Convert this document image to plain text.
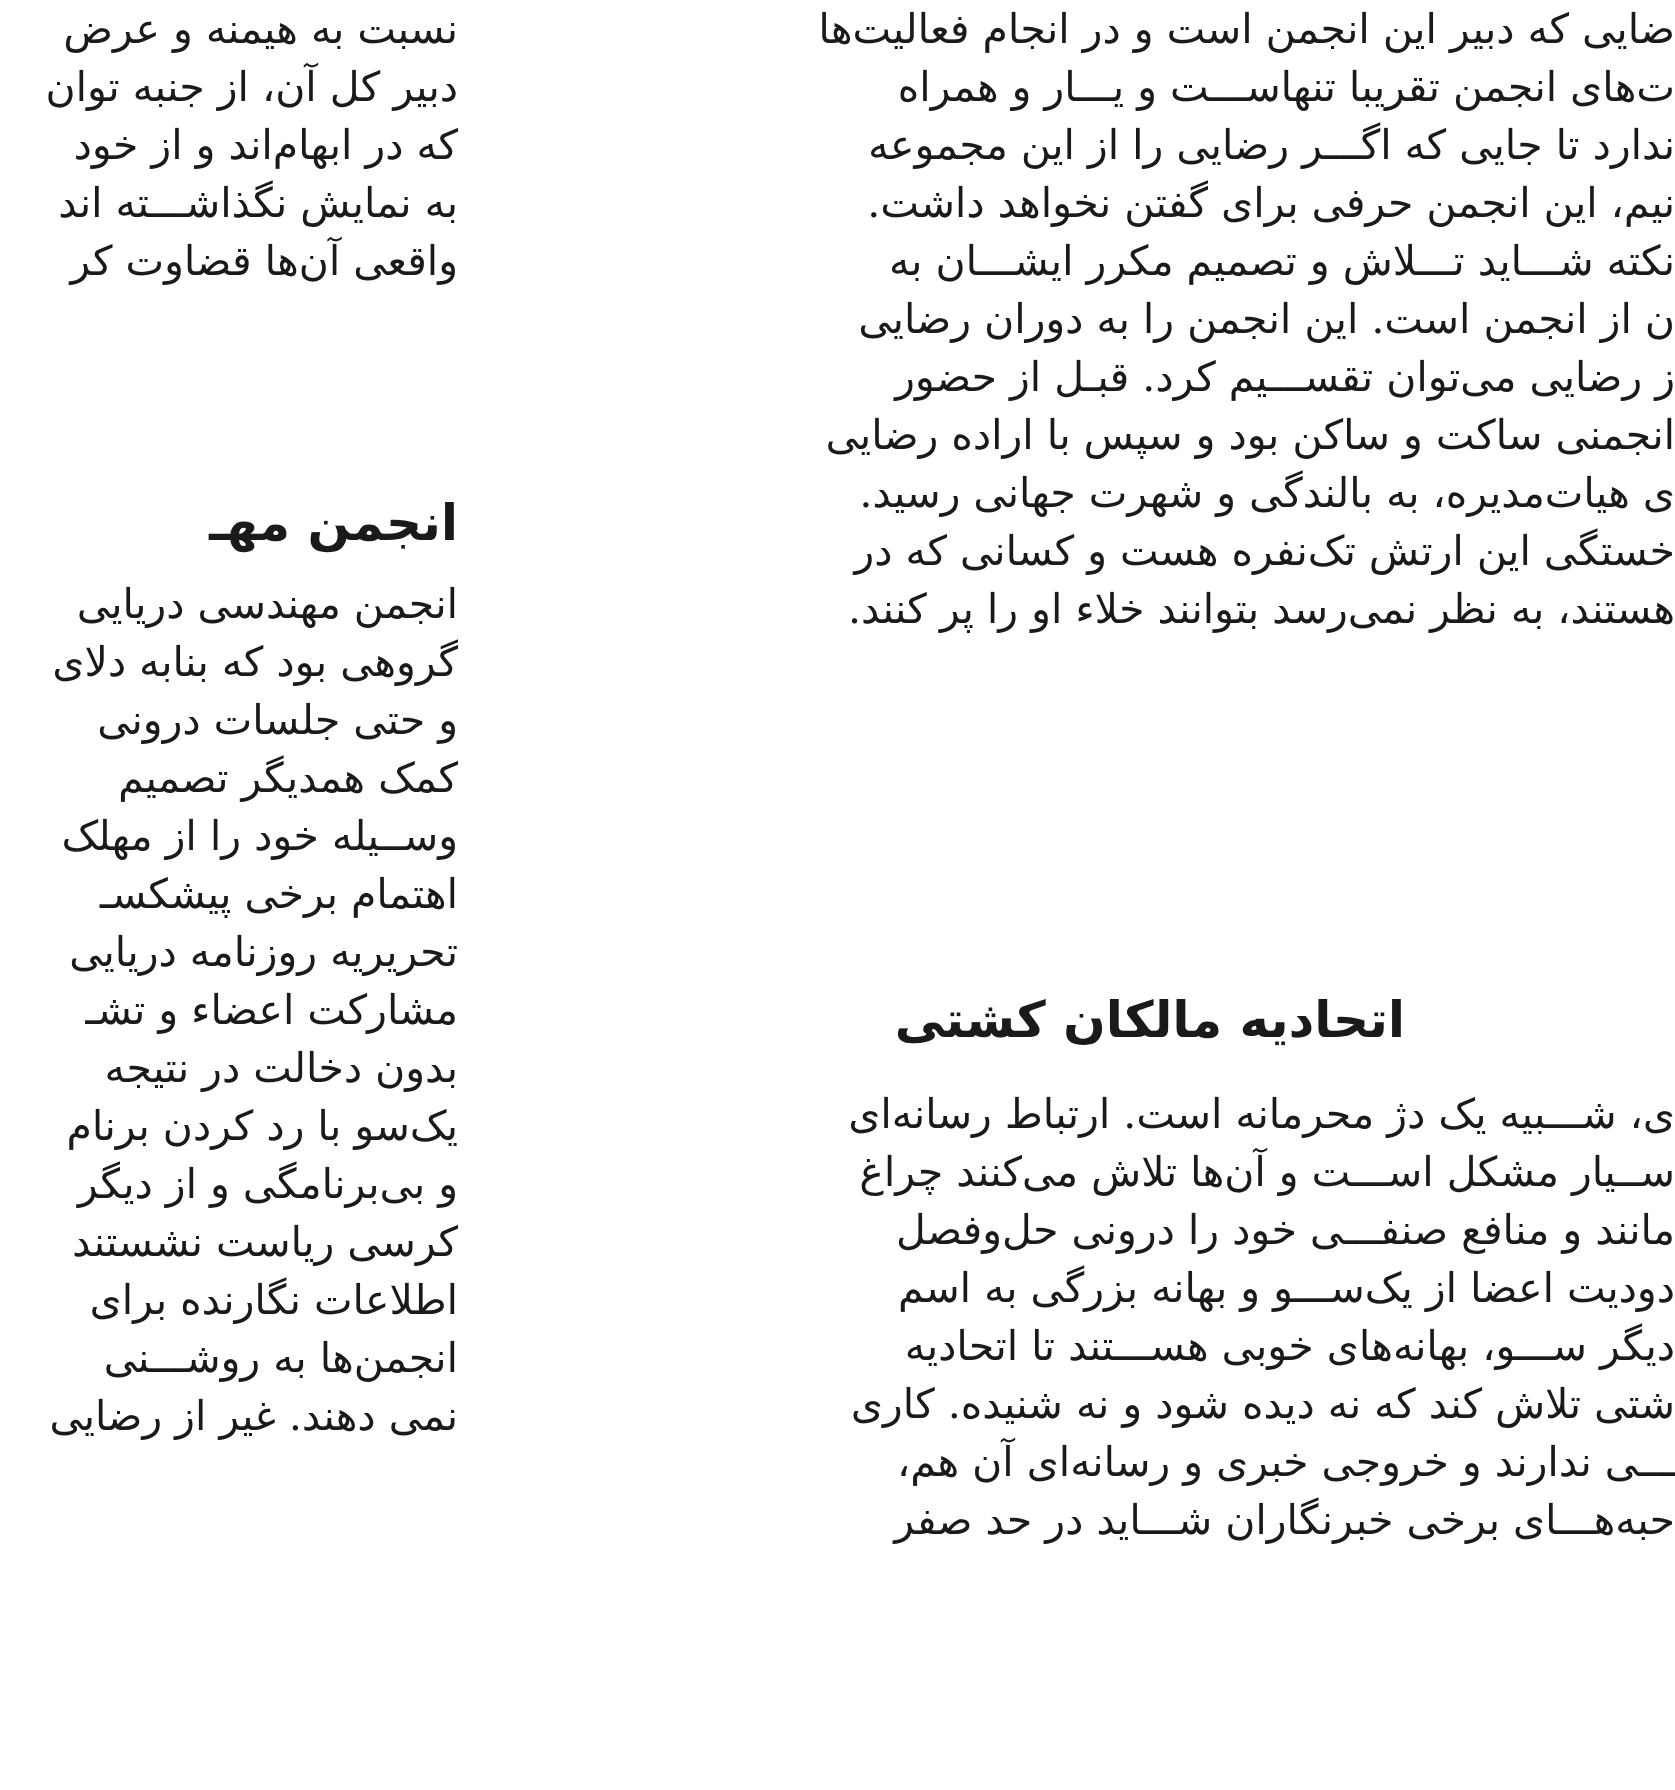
ضایی که دبیر این انجمن است و در انجام فعالیت‌ها
ت‌های انجمن تقریبا تنهاســـت و یـــار و همراه
ندارد تا جایی که اگـــر رضایی را از این مجموعه
نیم، این انجمن حرفی برای گفتن نخواهد داشت.
نکته شـــاید تـــلاش و تصمیم مکرر ایشـــان به
ن از انجمن است. این انجمن را به دوران رضایی
ز رضایی می‌توان تقســـیم کرد. قبـل از حضور
انجمنی ساکت و ساکن بود و سپس با اراده رضایی
ی هیات‌مدیره، به بالندگی و شهرت جهانی رسید.
خستگی این ارتش تک‌نفره هست و کسانی که در
هستند، به نظر نمی‌رسد بتوانند خلاء او را پر کنند.
اتحادیه مالکان کشتی
ی، شـــبیه یک دژ محرمانه است. ارتباط رسانه‌ای
ســیار مشکل اســـت و آن‌ها تلاش می‌کنند چراغ
مانند و منافع صنفـــی خود را درونی حل‌وفصل
دودیت اعضا از یک‌ســـو و بهانه بزرگی به اسم
دیگر ســـو، بهانه‌های خوبی هســـتند تا اتحادیه
شتی تلاش کند که نه دیده شود و نه شنیده. کاری
ـــی ندارند و خروجی خبری و رسانه‌ای آن هم،
حبه‌هـــای برخی خبرنگاران شـــاید در حد صفر
نسبت به هیمنه و عرض
دبیر کل آن، از جنبه توان
که در ابهام‌اند و از خود
به نمایش نگذاشـــته اند
واقعی آن‌ها قضاوت کر
انجمن مهـ
انجمن مهندسی دریایی
گروهی بود که بنابه دلای
و حتی جلسات درونی
کمک همدیگر تصمیم
وســیله خود را از مهلک
اهتمام برخی پیشکسـ
تحریریه روزنامه دریایی
مشارکت اعضاء و تشـ
بدون دخالت در نتیجه
یک‌سو با رد کردن برنام
و بی‌برنامگی و از دیگر
کرسی ریاست نشستند
اطلاعات نگارنده برای
انجمن‌ها به روشـــنی
نمی دهند. غیر از رضایی
